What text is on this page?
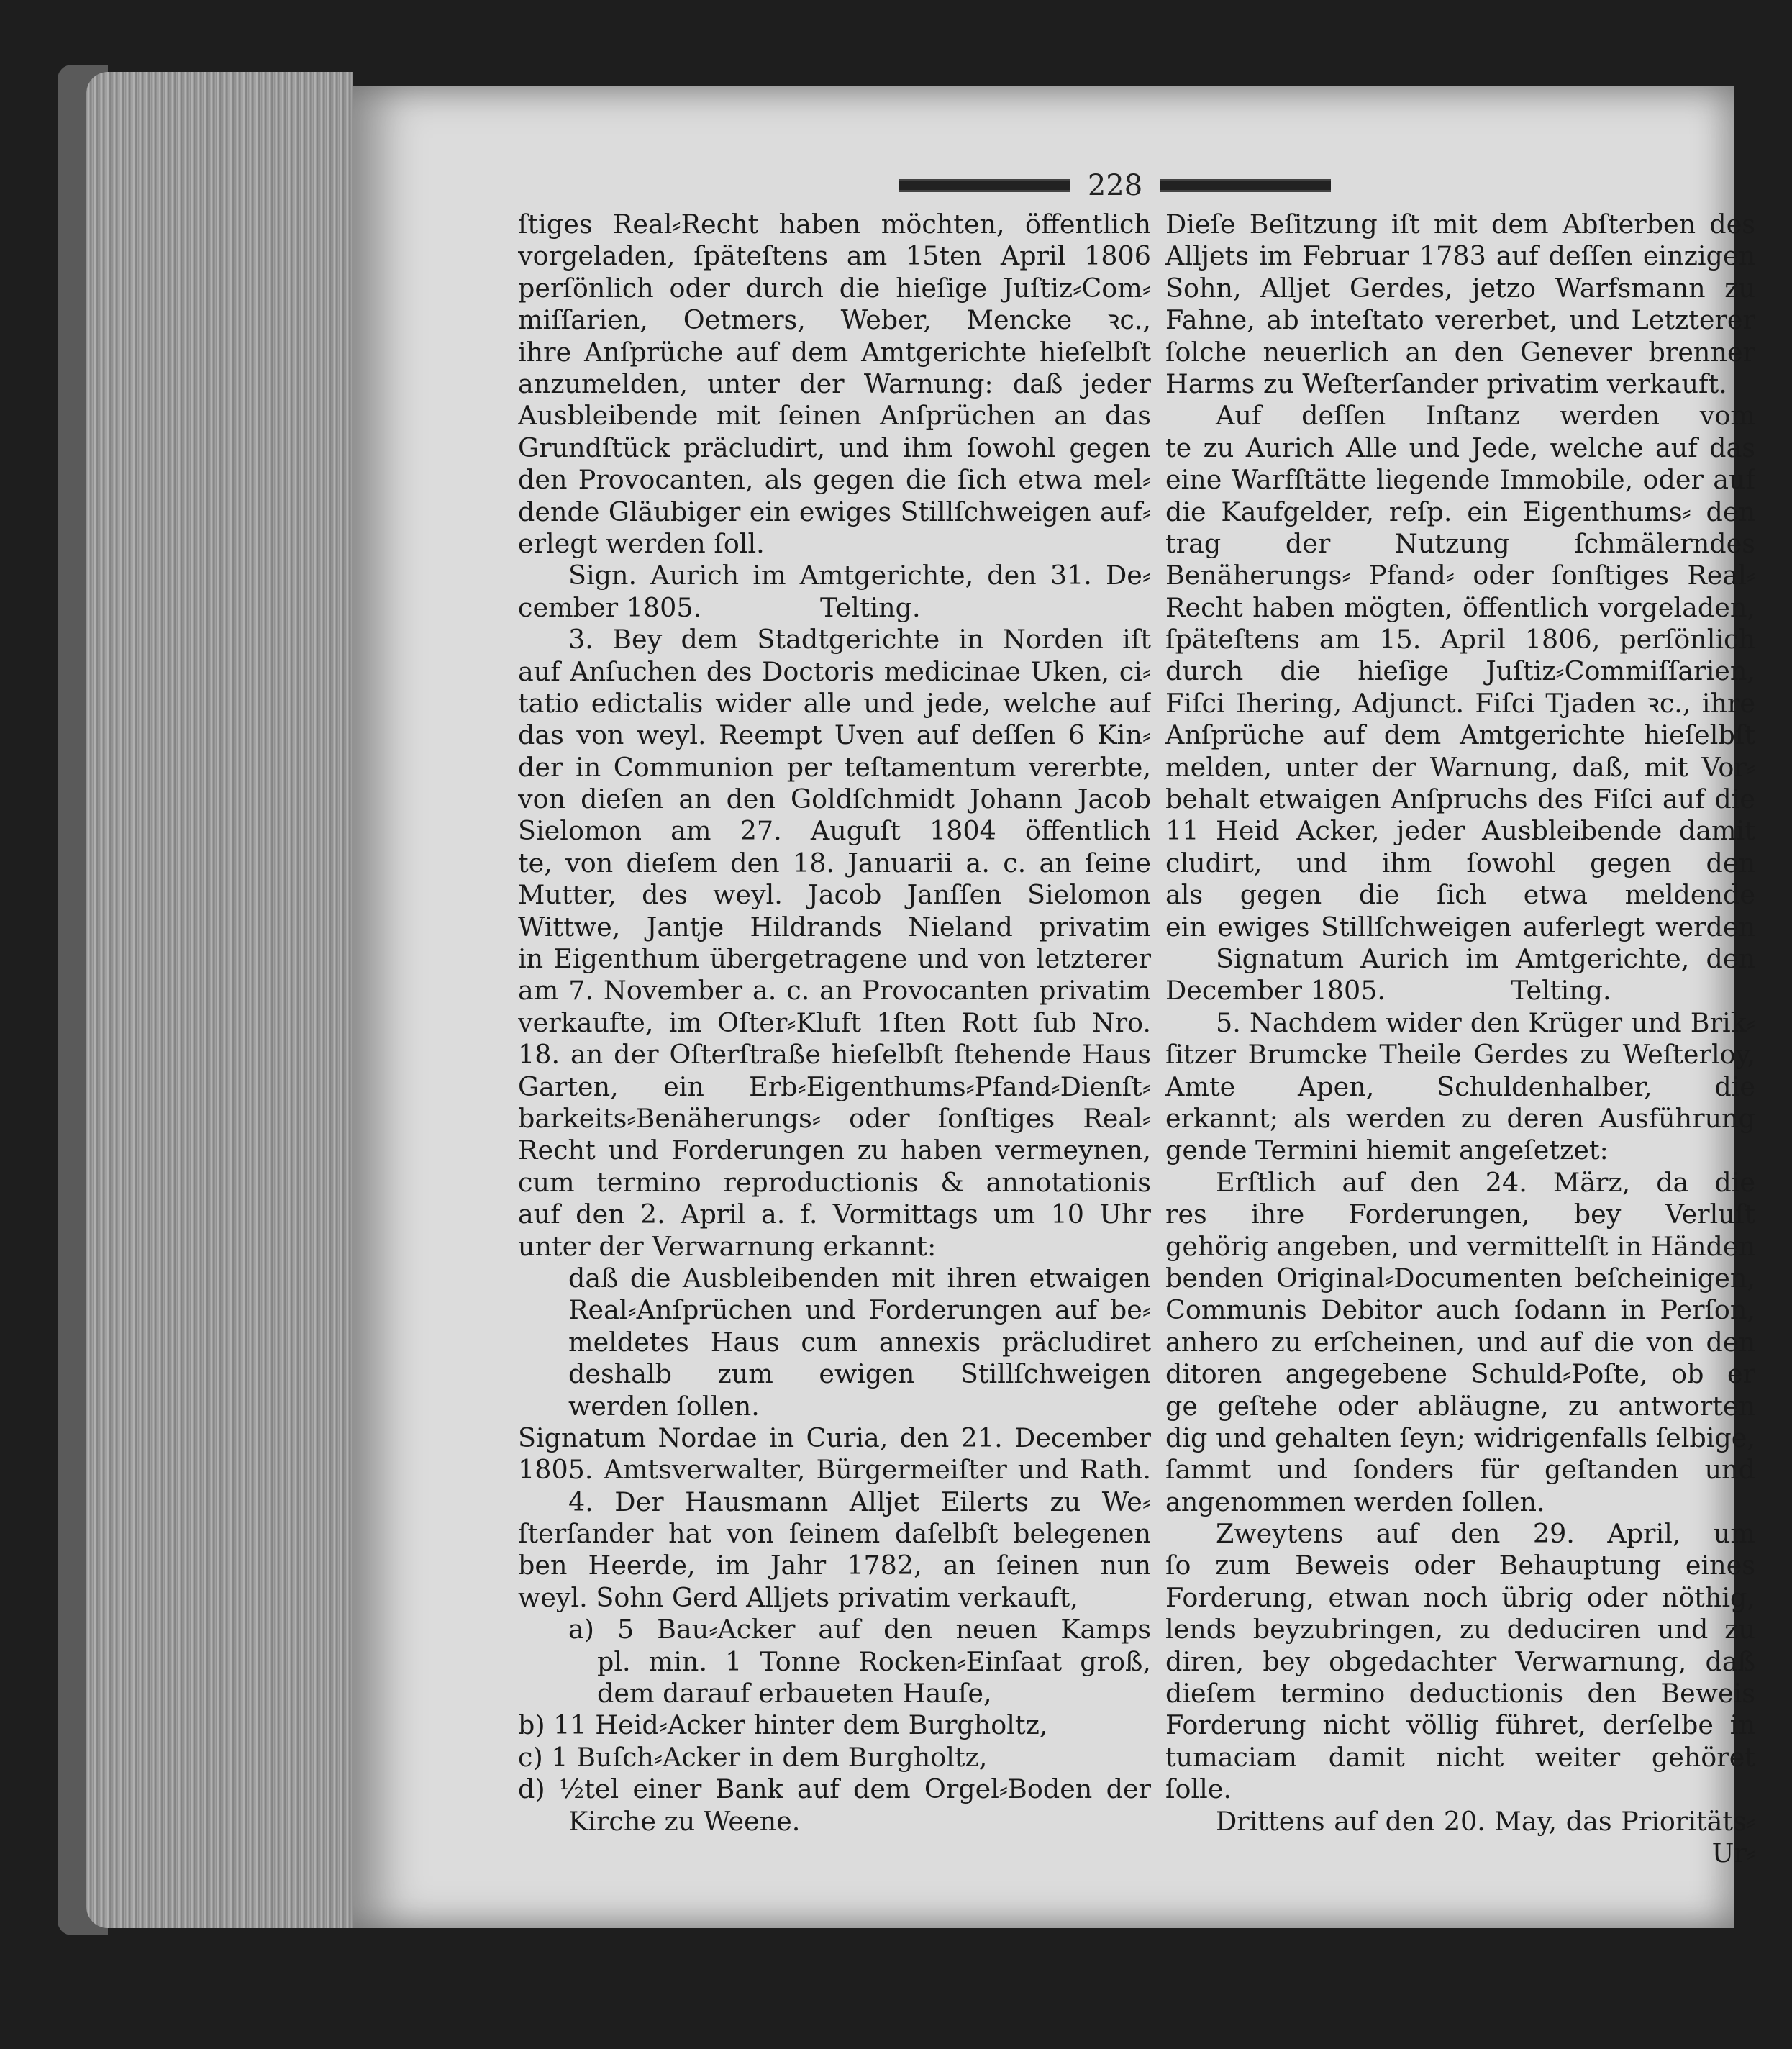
228
ſtiges Real⸗Recht haben möchten, öffentlich
vorgeladen, ſpäteſtens am 15ten April 1806
perſönlich oder durch die hieſige Juſtiz⸗Com⸗
miſſarien, Oetmers, Weber, Mencke ꝛc.,
ihre Anſprüche auf dem Amtgerichte hieſelbſt
anzumelden, unter der Warnung: daß jeder
Ausbleibende mit ſeinen Anſprüchen an das
Grundſtück präcludirt, und ihm ſowohl gegen
den Provocanten, als gegen die ſich etwa mel⸗
dende Gläubiger ein ewiges Stillſchweigen auf⸗
erlegt werden ſoll.
Sign. Aurich im Amtgerichte, den 31. De⸗
cember 1805.	Telting.
3. Bey dem Stadtgerichte in Norden iſt
auf Anſuchen des Doctoris medicinae Uken, ci⸗
tatio edictalis wider alle und jede, welche auf
das von weyl. Reempt Uven auf deſſen 6 Kin⸗
der in Communion per teſtamentum vererbte,
von dieſen an den Goldſchmidt Johann Jacob
Sielomon am 27. Auguſt 1804 öffentlich
te, von dieſem den 18. Januarii a. c. an ſeine
Mutter, des weyl. Jacob Janſſen Sielomon
Wittwe, Jantje Hildrands Nieland privatim
in Eigenthum übergetragene und von letzterer
am 7. November a. c. an Provocanten privatim
verkaufte, im Oſter⸗Kluft 1ſten Rott ſub Nro.
18. an der Oſterſtraße hieſelbſt ſtehende Haus
Garten, ein Erb⸗Eigenthums⸗Pfand⸗Dienſt⸗
barkeits⸗Benäherungs⸗ oder ſonſtiges Real⸗
Recht und Forderungen zu haben vermeynen,
cum termino reproductionis & annotationis
auf den 2. April a. f. Vormittags um 10 Uhr
unter der Verwarnung erkannt:
daß die Ausbleibenden mit ihren etwaigen
Real⸗Anſprüchen und Forderungen auf be⸗
meldetes Haus cum annexis präcludiret
deshalb zum ewigen Stillſchweigen
werden ſollen.
Signatum Nordae in Curia, den 21. December
1805. Amtsverwalter, Bürgermeiſter und Rath.
4. Der Hausmann Alljet Eilerts zu We⸗
ſterſander hat von ſeinem daſelbſt belegenen
ben Heerde, im Jahr 1782, an ſeinen nun
weyl. Sohn Gerd Alljets privatim verkauft,
a) 5 Bau⸗Acker auf den neuen Kamps
pl. min. 1 Tonne Rocken⸗Einſaat groß,
dem darauf erbaueten Hauſe,
b) 11 Heid⸗Acker hinter dem Burgholtz,
c) 1 Buſch⸗Acker in dem Burgholtz,
d) ½tel einer Bank auf dem Orgel⸗Boden der
Kirche zu Weene.
Dieſe Beſitzung iſt mit dem Abſterben des
Alljets im Februar 1783 auf deſſen einzigen
Sohn, Alljet Gerdes, jetzo Warfsmann zu
Fahne, ab inteſtato vererbet, und Letzterer
ſolche neuerlich an den Genever brenner
Harms zu Weſterſander privatim verkauft.
Auf deſſen Inſtanz werden vom
te zu Aurich Alle und Jede, welche auf das
eine Warfſtätte liegende Immobile, oder auf
die Kaufgelder, reſp. ein Eigenthums⸗ den
trag der Nutzung ſchmälerndes
Benäherungs⸗ Pfand⸗ oder ſonſtiges Real⸗
Recht haben mögten, öffentlich vorgeladen,
ſpäteſtens am 15. April 1806, perſönlich
durch die hieſige Juſtiz⸗Commiſſarien,
Fiſci Ihering, Adjunct. Fiſci Tjaden ꝛc., ihre
Anſprüche auf dem Amtgerichte hieſelbſt
melden, unter der Warnung, daß, mit Vor⸗
behalt etwaigen Anſpruchs des Fiſci auf die
11 Heid Acker, jeder Ausbleibende damit
cludirt, und ihm ſowohl gegen den
als gegen die ſich etwa meldende
ein ewiges Stillſchweigen auferlegt werden
Signatum Aurich im Amtgerichte, den
December 1805.	Telting.
5. Nachdem wider den Krüger und Brik⸗
ſitzer Brumcke Theile Gerdes zu Weſterloy,
Amte Apen, Schuldenhalber, die
erkannt; als werden zu deren Ausführung
gende Termini hiemit angeſetzet:
Erſtlich auf den 24. März, da die
res ihre Forderungen, bey Verluſt
gehörig angeben, und vermittelſt in Händen
benden Original⸗Documenten beſcheinigen,
Communis Debitor auch ſodann in Perſon,
anhero zu erſcheinen, und auf die von den
ditoren angegebene Schuld⸗Poſte, ob er
ge geſtehe oder abläugne, zu antworten
dig und gehalten ſeyn; widrigenfalls ſelbige,
ſammt und ſonders für geſtanden und
angenommen werden ſollen.
Zweytens auf den 29. April, um
ſo zum Beweis oder Behauptung eines
Forderung, etwan noch übrig oder nöthig,
lends beyzubringen, zu deduciren und zu
diren, bey obgedachter Verwarnung, daß
dieſem termino deductionis den Beweis
Forderung nicht völlig führet, derſelbe in
tumaciam damit nicht weiter gehöret
ſolle.
Drittens auf den 20. May, das Prioritäts⸗
Ur⸗
